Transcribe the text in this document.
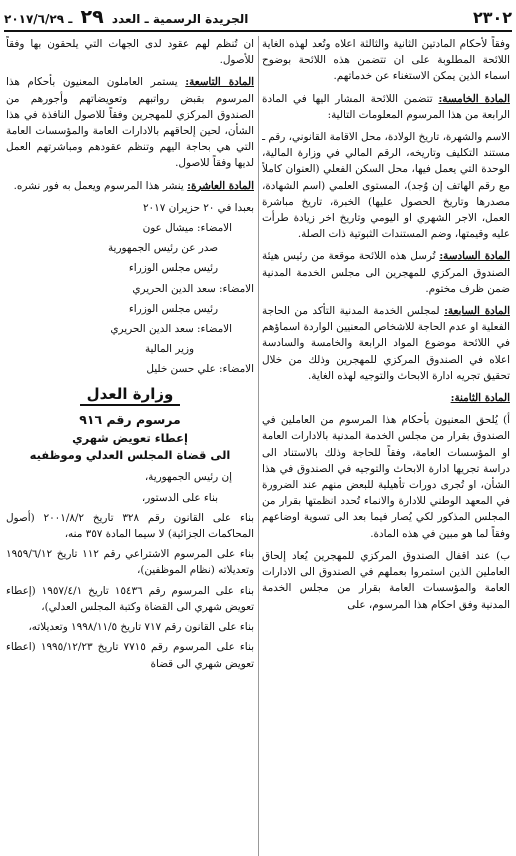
٢٣٠٢
الجريدة الرسمية ـ العدد ٢٩ ـ ٢٠١٧/٦/٢٩

وفقاً لأحكام المادتين الثانية والثالثة اعلاه وتُعد لهذه الغاية اللائحة المطلوبة على ان تتضمن هذه اللائحة بوضوح اسماء الذين يمكن الاستغناء عن خدماتهم.

المادة الخامسة: تتضمن اللائحة المشار اليها في المادة الرابعة من هذا المرسوم المعلومات التالية:

الاسم والشهرة، تاريخ الولادة، محل الاقامة القانوني، رقم ـ مستند التكليف وتاريخه، الرقم المالي في وزارة المالية، الوحدة التي يعمل فيها، محل السكن الفعلي (العنوان كاملاً مع رقم الهاتف إن وُجد)، المستوى العلمي (اسم الشهادة، مصدرها وتاريخ الحصول عليها) الخبرة، تاريخ مباشرة العمل، الاجر الشهري او اليومي وتاريخ اخر زيادة طرأت عليه وقيمتها، وضم المستندات الثبوتية ذات الصلة.

المادة السادسة: تُرسل هذه اللائحة موقعة من رئيس هيئة الصندوق المركزي للمهجرين الى مجلس الخدمة المدنية ضمن ظرف مختوم.

المادة السابعة: لمجلس الخدمة المدنية التأكد من الحاجة الفعلية او عدم الحاجة للاشخاص المعنيين الواردة اسماؤهم في اللائحة موضوع المواد الرابعة والخامسة والسادسة اعلاه في الصندوق المركزي للمهجرين وذلك من خلال تحقيق تجريه ادارة الابحاث والتوجيه لهذه الغاية.

المادة الثامنة:

أ) يُلحق المعنيون بأحكام هذا المرسوم من العاملين في الصندوق بقرار من مجلس الخدمة المدنية بالادارات العامة او المؤسسات العامة، وفقاً للحاجة وذلك بالاستناد الى دراسة تجريها ادارة الابحاث والتوجيه في الصندوق في هذا الشأن، او تُجرى دورات تأهيلية للبعض منهم عند الضرورة في المعهد الوطني للادارة والانماء تُحدد انظمتها بقرار من المجلس المذكور لكي يُصار فيما بعد الى تسوية اوضاعهم وفقاً لما هو مبين في هذه المادة.

ب) عند اقفال الصندوق المركزي للمهجرين يُعاد إلحاق العاملين الذين استمروا بعملهم في الصندوق الى الادارات العامة والمؤسسات العامة بقرار من مجلس الخدمة المدنية وفق احكام هذا المرسوم، على

ان تُنظم لهم عقود لدى الجهات التي يلحقون بها وفقاً للأصول.

المادة التاسعة: يستمر العاملون المعنيون بأحكام هذا المرسوم بقبض رواتبهم وتعويضاتهم وأجورهم من الصندوق المركزي للمهجرين وفقاً للاصول النافذة في هذا الشأن، لحين إلحاقهم بالادارات العامة والمؤسسات العامة التي هي بحاجة اليهم وتنظم عقودهم ومباشرتهم العمل لديها وفقاً للاصول.

المادة العاشرة: ينشر هذا المرسوم ويعمل به فور نشره.

بعبدا في ٢٠ حزيران ٢٠١٧

الامضاء: ميشال عون

صدر عن رئيس الجمهورية

رئيس مجلس الوزراء

الامضاء: سعد الدين الحريري

رئيس مجلس الوزراء

الامضاء: سعد الدين الحريري

وزير المالية

الامضاء: علي حسن خليل

وزارة العدل
مرسوم رقم ٩١٦
إعطاء تعويض شهري
الى قضاة المجلس العدلي وموظفيه

إن رئيس الجمهورية،

بناء على الدستور،

بناء على القانون رقم ٣٢٨ تاريخ ٢٠٠١/٨/٢ (أصول المحاكمات الجزائية) لا سيما المادة ٣٥٧ منه،

بناء على المرسوم الاشتراعي رقم ١١٢ تاريخ ١٩٥٩/٦/١٢ وتعديلاته (نظام الموظفين)،

بناء على المرسوم رقم ١٥٤٣٦ تاريخ ١٩٥٧/٤/١ (إعطاء تعويض شهري الى القضاة وكتبة المجلس العدلي)،

بناء على القانون رقم ٧١٧ تاريخ ١٩٩٨/١١/٥ وتعديلاته،

بناء على المرسوم رقم ٧٧١٥ تاريخ ١٩٩٥/١٢/٢٣ (اعطاء تعويض شهري الى قضاة
